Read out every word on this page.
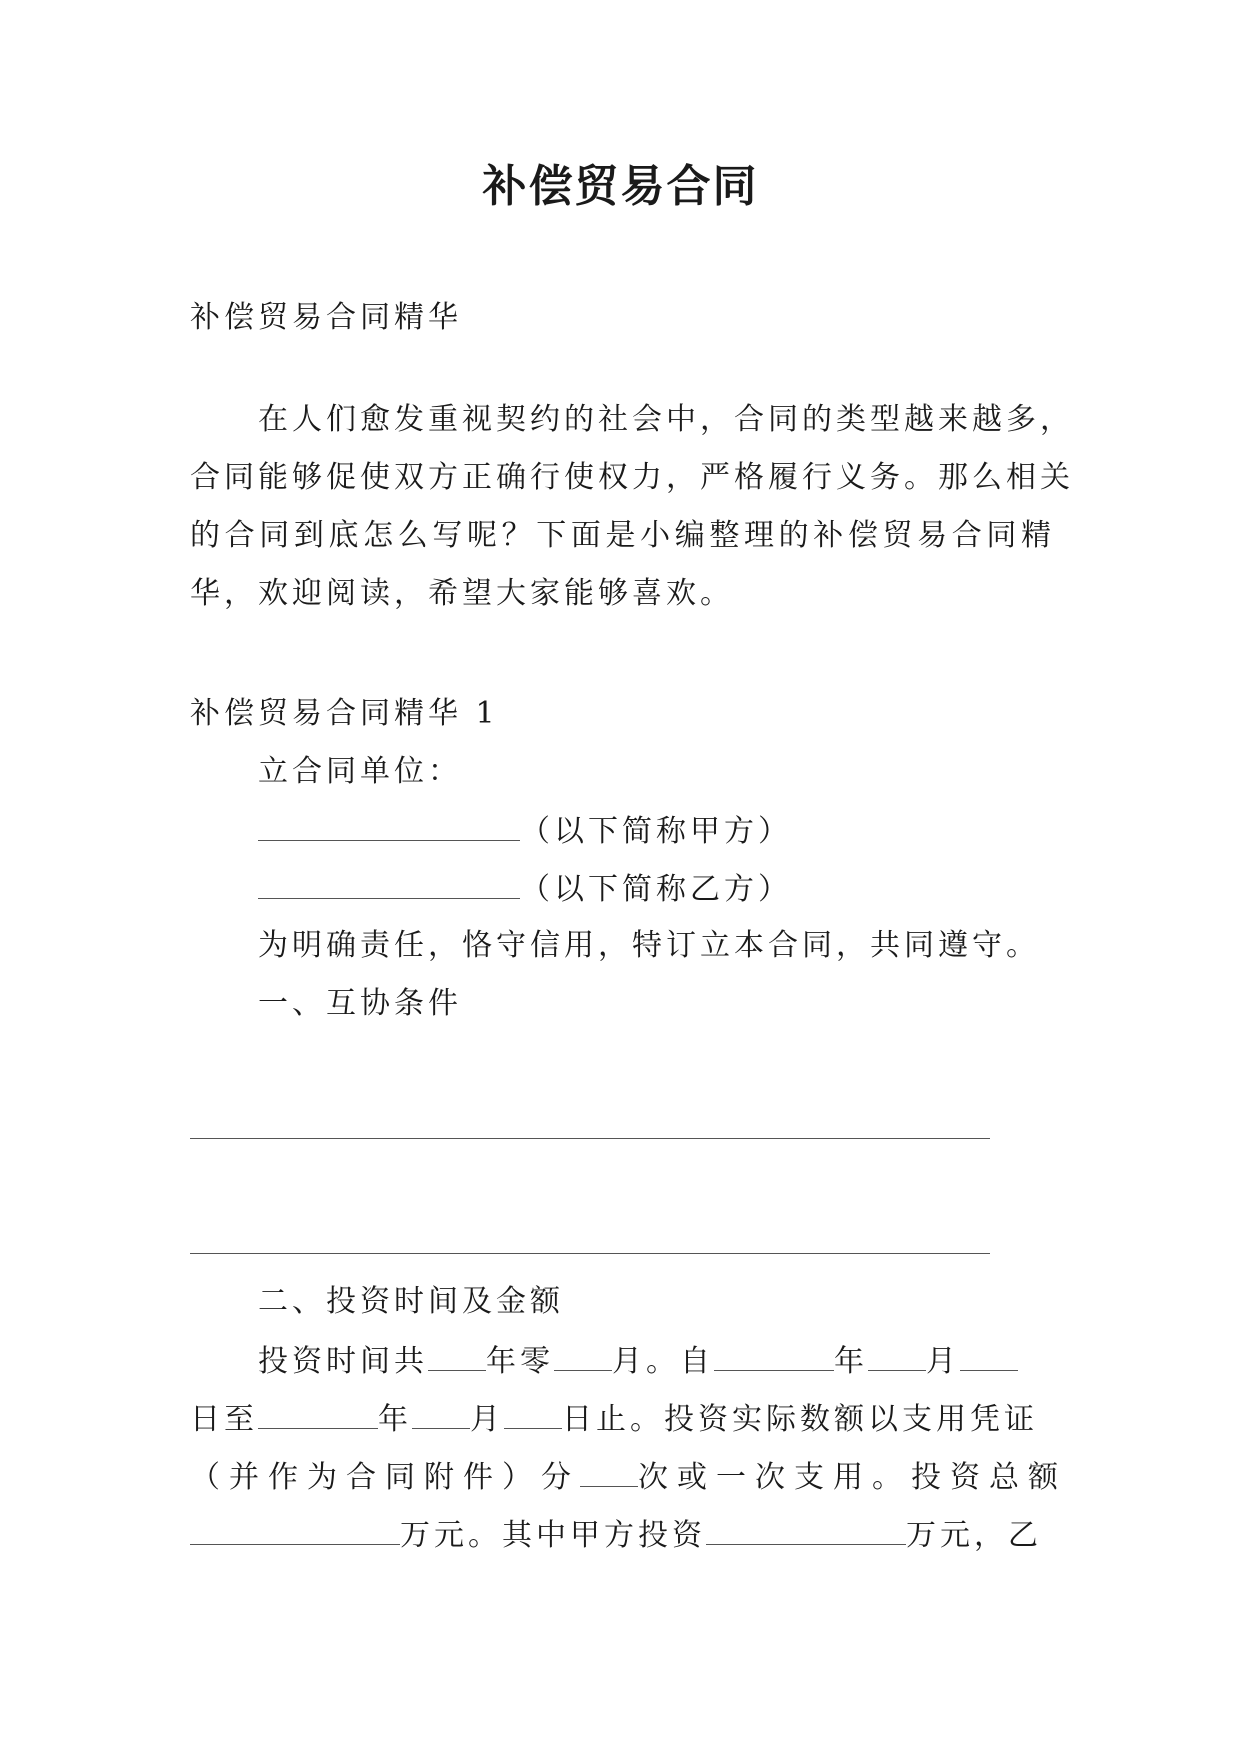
补偿贸易合同
补偿贸易合同精华
在人们愈发重视契约的社会中，合同的类型越来越多，
合同能够促使双方正确行使权力，严格履行义务。那么相关
的合同到底怎么写呢？下面是小编整理的补偿贸易合同精
华，欢迎阅读，希望大家能够喜欢。
补偿贸易合同精华 1
立合同单位：
（以下简称甲方）
（以下简称乙方）
为明确责任，恪守信用，特订立本合同，共同遵守。
一、互协条件
二、投资时间及金额
投资时间共 年零 月。自	年 月
日至	年 月 日止。投资实际数额以支用凭证
（并作为合同附件）分 次或一次支用。投资总额
万元。其中甲方投资	万元，乙
